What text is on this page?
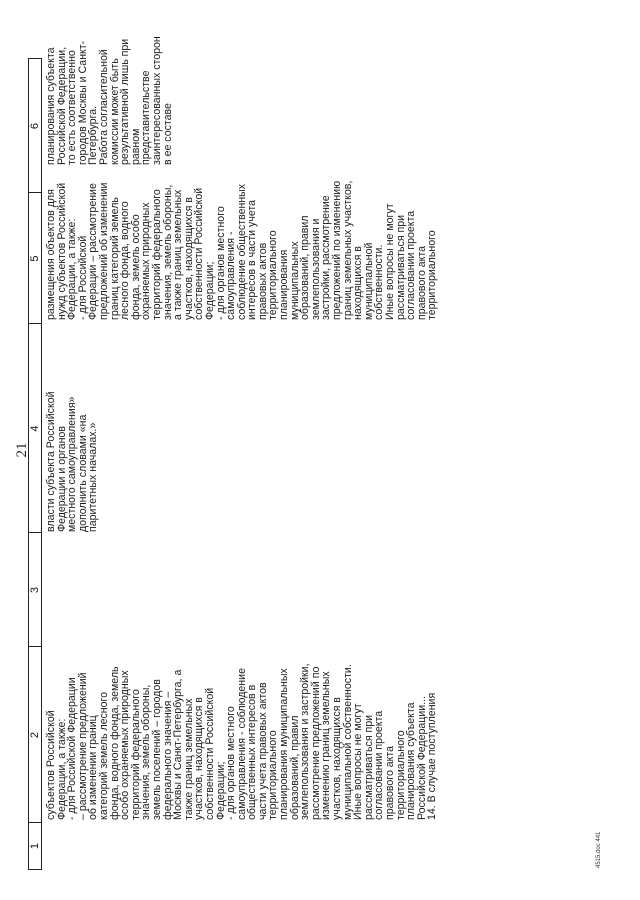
21
1
2
3
4
5
6
субъектов Российской
Федерации, а также:
- для Российской Федерации
– рассмотрение предложений
об изменении границ
категорий земель лесного
фонда, водного фонда, земель
особо охраняемых природных
территорий федерального
значения, земель обороны,
земель поселений – городов
федерального значения –
Москвы и Санкт-Петербурга, а
также границ земельных
участков, находящихся в
собственности Российской
Федерации;
- для органов местного
самоуправления - соблюдение
общественных интересов в
части учета правовых актов
территориального
планирования муниципальных
образований, правил
землепользования и застройки,
рассмотрение предложений по
изменению границ земельных
участков, находящихся в
муниципальной собственности.
Иные вопросы не могут
рассматриваться при
согласовании проекта
правового акта
территориального
планирования субъекта
Российской Федерации...
14. В случае поступления
власти субъекта Российской
Федерации и органов
местного самоуправления»
дополнить словами «на
паритетных началах.»
размещения объектов для
нужд субъектов Российской
Федерации, а также:
- для Российской
Федерации – рассмотрение
предложений об изменении
границ категорий земель
лесного фонда, водного
фонда, земель особо
охраняемых природных
территорий федерального
значения, земель обороны,
а также границ земельных
участков, находящихся в
собственности Российской
Федерации;
- для органов местного
самоуправления -
соблюдение общественных
интересов в части учета
правовых актов
территориального
планирования
муниципальных
образований, правил
землепользования и
застройки, рассмотрение
предложений по изменению
границ земельных участков,
находящихся в
муниципальной
собственности.
Иные вопросы не могут
рассматриваться при
согласовании проекта
правового акта
территориального
планирования субъекта
Российской Федерации,
то есть соответственно
городов Москвы и Санкт-
Петербурга.
Работа согласительной
комиссии может быть
результативной лишь при
равном
представительстве
заинтересованных сторон
в ее составе
4515.doc 441
